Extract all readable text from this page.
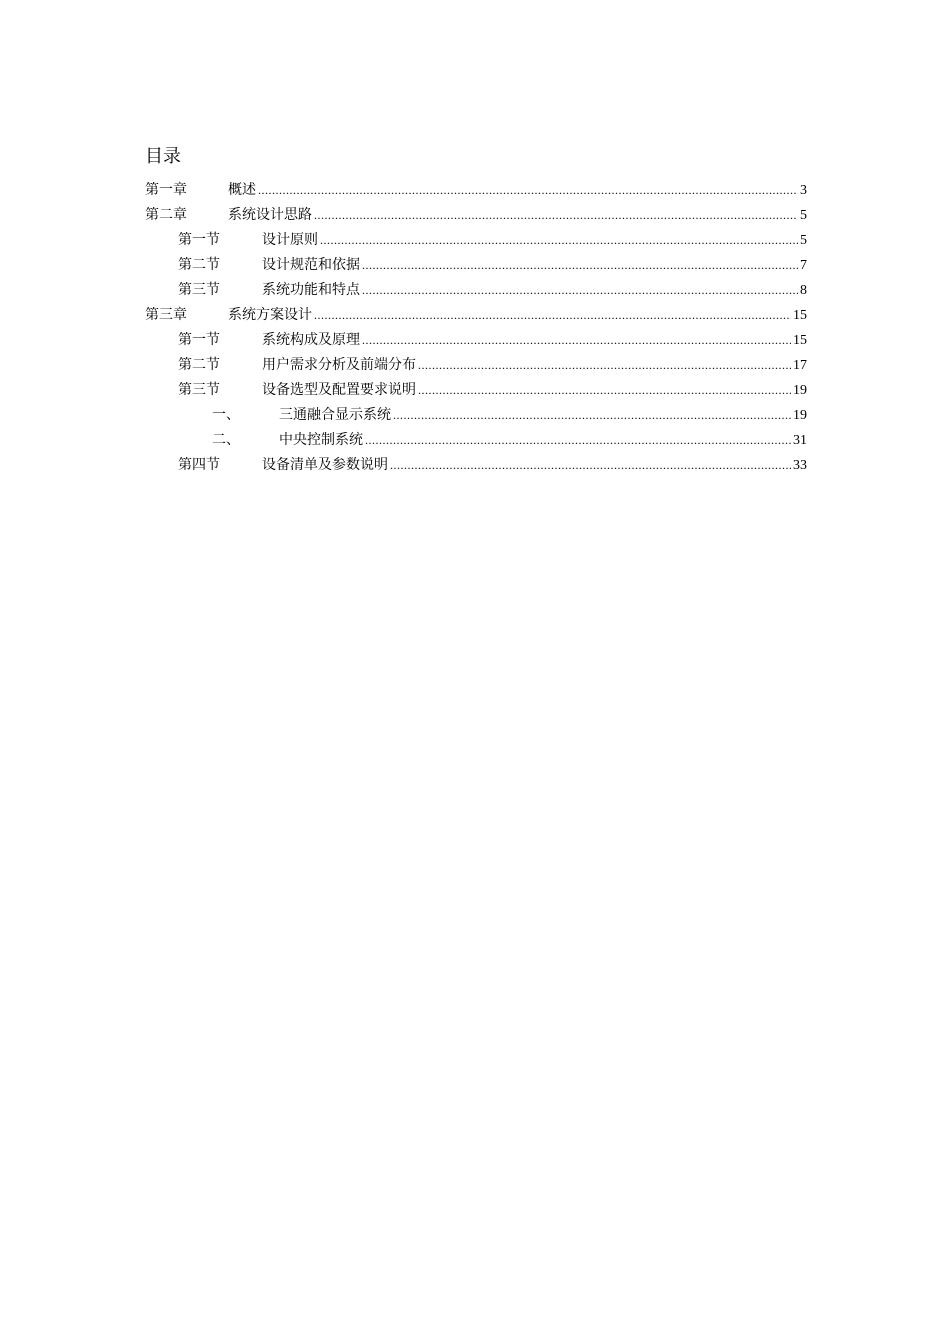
目录
第一章	概述 .....	3
第二章	系统设计思路 .....	5
第一节	设计原则 .....	5
第二节	设计规范和依据 .....	7
第三节	系统功能和特点 .....	8
第三章	系统方案设计 .....	15
第一节	系统构成及原理 .....	15
第二节	用户需求分析及前端分布 .....	17
第三节	设备选型及配置要求说明 .....	19
一、	三通融合显示系统 .....	19
二、	中央控制系统 .....	31
第四节	设备清单及参数说明 .....	33
